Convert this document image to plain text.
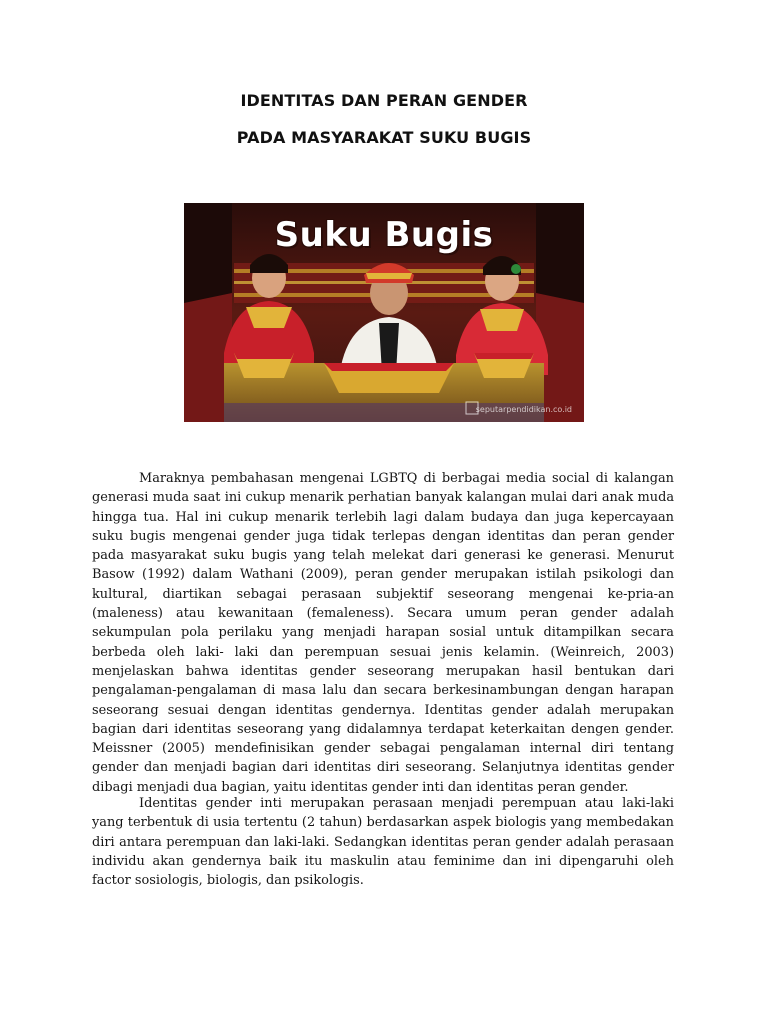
IDENTITAS DAN PERAN GENDER
PADA MASYARAKAT SUKU BUGIS
Suku Bugis
seputarpendidikan.co.id

Maraknya pembahasan mengenai LGBTQ di berbagai media social di kalangan generasi muda saat ini cukup menarik perhatian banyak kalangan mulai dari anak muda hingga tua. Hal ini cukup menarik terlebih lagi dalam budaya dan juga kepercayaan suku bugis mengenai gender juga tidak terlepas dengan identitas dan peran gender pada masyarakat suku bugis yang telah melekat dari generasi ke generasi. Menurut Basow (1992) dalam Wathani (2009), peran gender merupakan istilah psikologi dan kultural, diartikan sebagai perasaan subjektif seseorang mengenai ke-pria-an (maleness) atau kewanitaan (femaleness). Secara umum peran gender adalah sekumpulan pola perilaku yang menjadi harapan sosial untuk ditampilkan secara berbeda oleh laki- laki dan perempuan sesuai jenis kelamin. (Weinreich, 2003) menjelaskan bahwa identitas gender seseorang merupakan hasil bentukan dari pengalaman-pengalaman di masa lalu dan secara berkesinambungan dengan harapan seseorang sesuai dengan identitas gendernya. Identitas gender adalah merupakan bagian dari identitas seseorang yang didalamnya terdapat keterkaitan dengen gender. Meissner (2005) mendefinisikan gender sebagai pengalaman internal diri tentang gender dan menjadi bagian dari identitas diri seseorang. Selanjutnya identitas gender dibagi menjadi dua bagian, yaitu identitas gender inti dan identitas peran gender.

Identitas gender inti merupakan perasaan menjadi perempuan atau laki-laki yang terbentuk di usia tertentu (2 tahun) berdasarkan aspek biologis yang membedakan diri antara perempuan dan laki-laki. Sedangkan identitas peran gender adalah perasaan individu akan gendernya baik itu maskulin atau feminime dan ini dipengaruhi oleh factor sosiologis, biologis, dan psikologis.
